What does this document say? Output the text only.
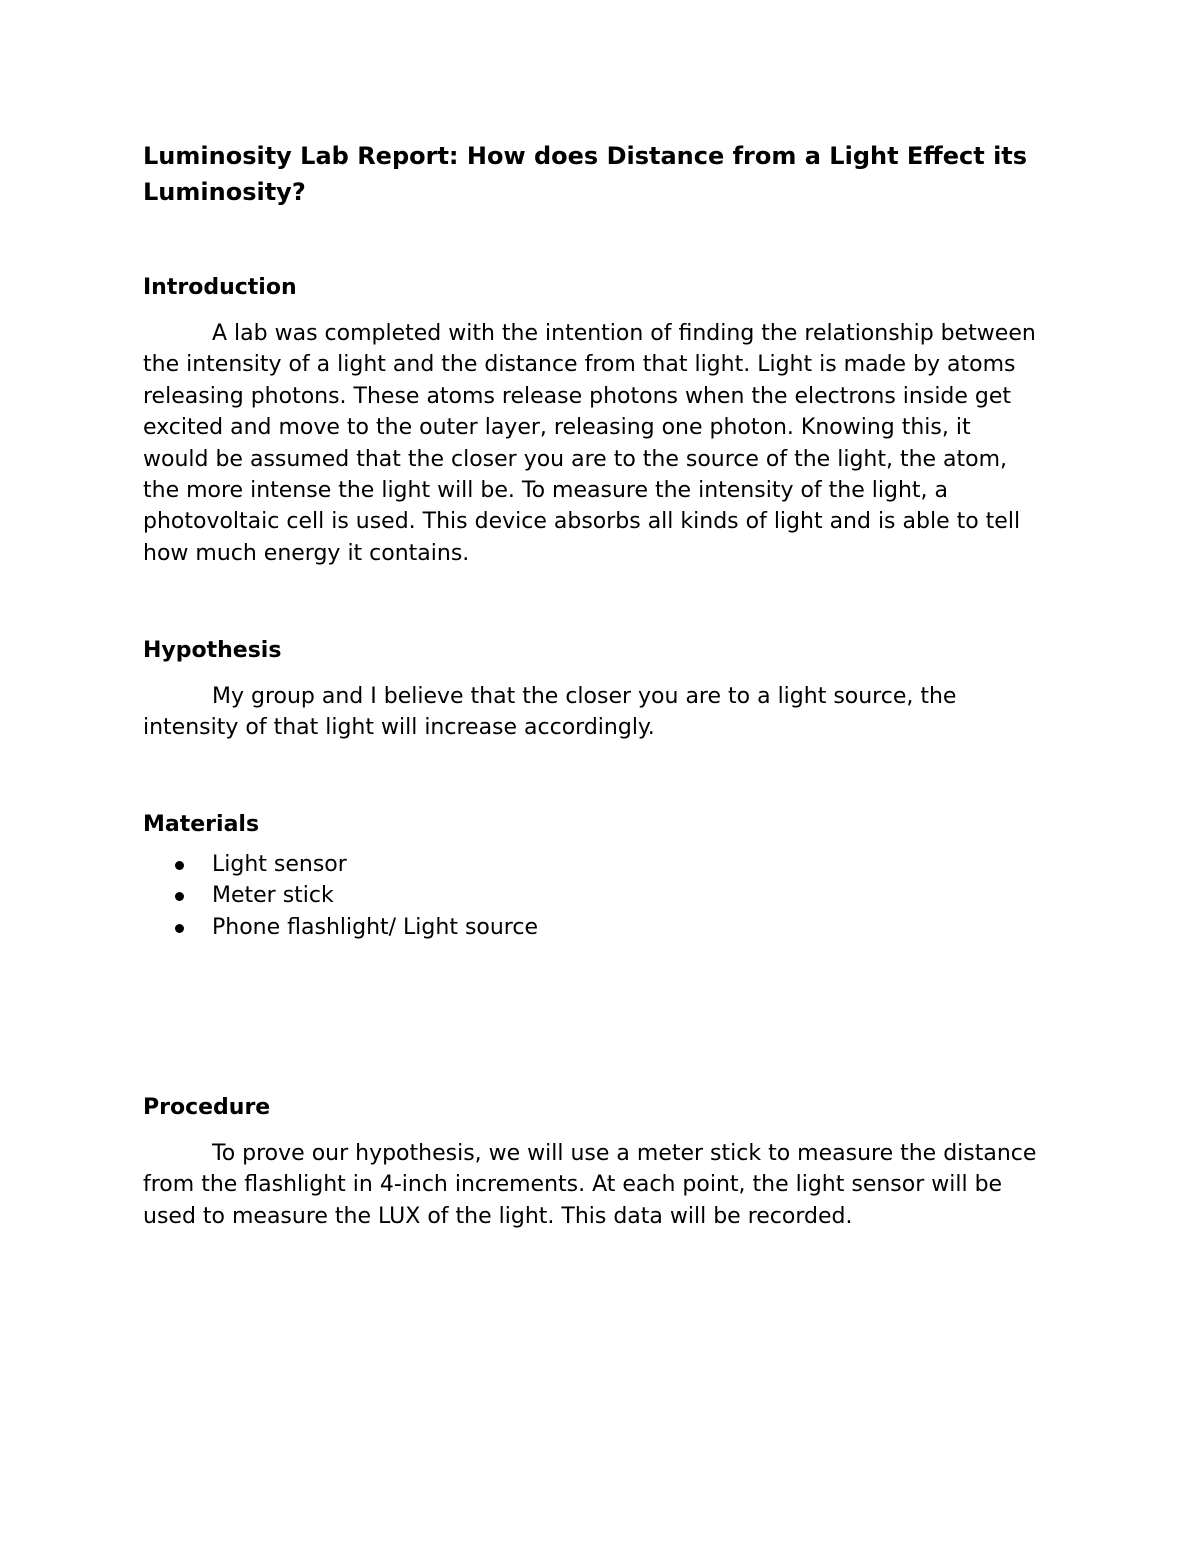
Luminosity Lab Report: How does Distance from a Light Effect its Luminosity?
Introduction

A lab was completed with the intention of finding the relationship between the intensity of a light and the distance from that light. Light is made by atoms releasing photons. These atoms release photons when the electrons inside get excited and move to the outer layer, releasing one photon. Knowing this, it would be assumed that the closer you are to the source of the light, the atom, the more intense the light will be. To measure the intensity of the light, a photovoltaic cell is used. This device absorbs all kinds of light and is able to tell how much energy it contains.

Hypothesis

My group and I believe that the closer you are to a light source, the intensity of that light will increase accordingly.

Materials
Light sensor
Meter stick
Phone flashlight/ Light source
Procedure

To prove our hypothesis, we will use a meter stick to measure the distance from the flashlight in 4-inch increments. At each point, the light sensor will be used to measure the LUX of the light. This data will be recorded.
